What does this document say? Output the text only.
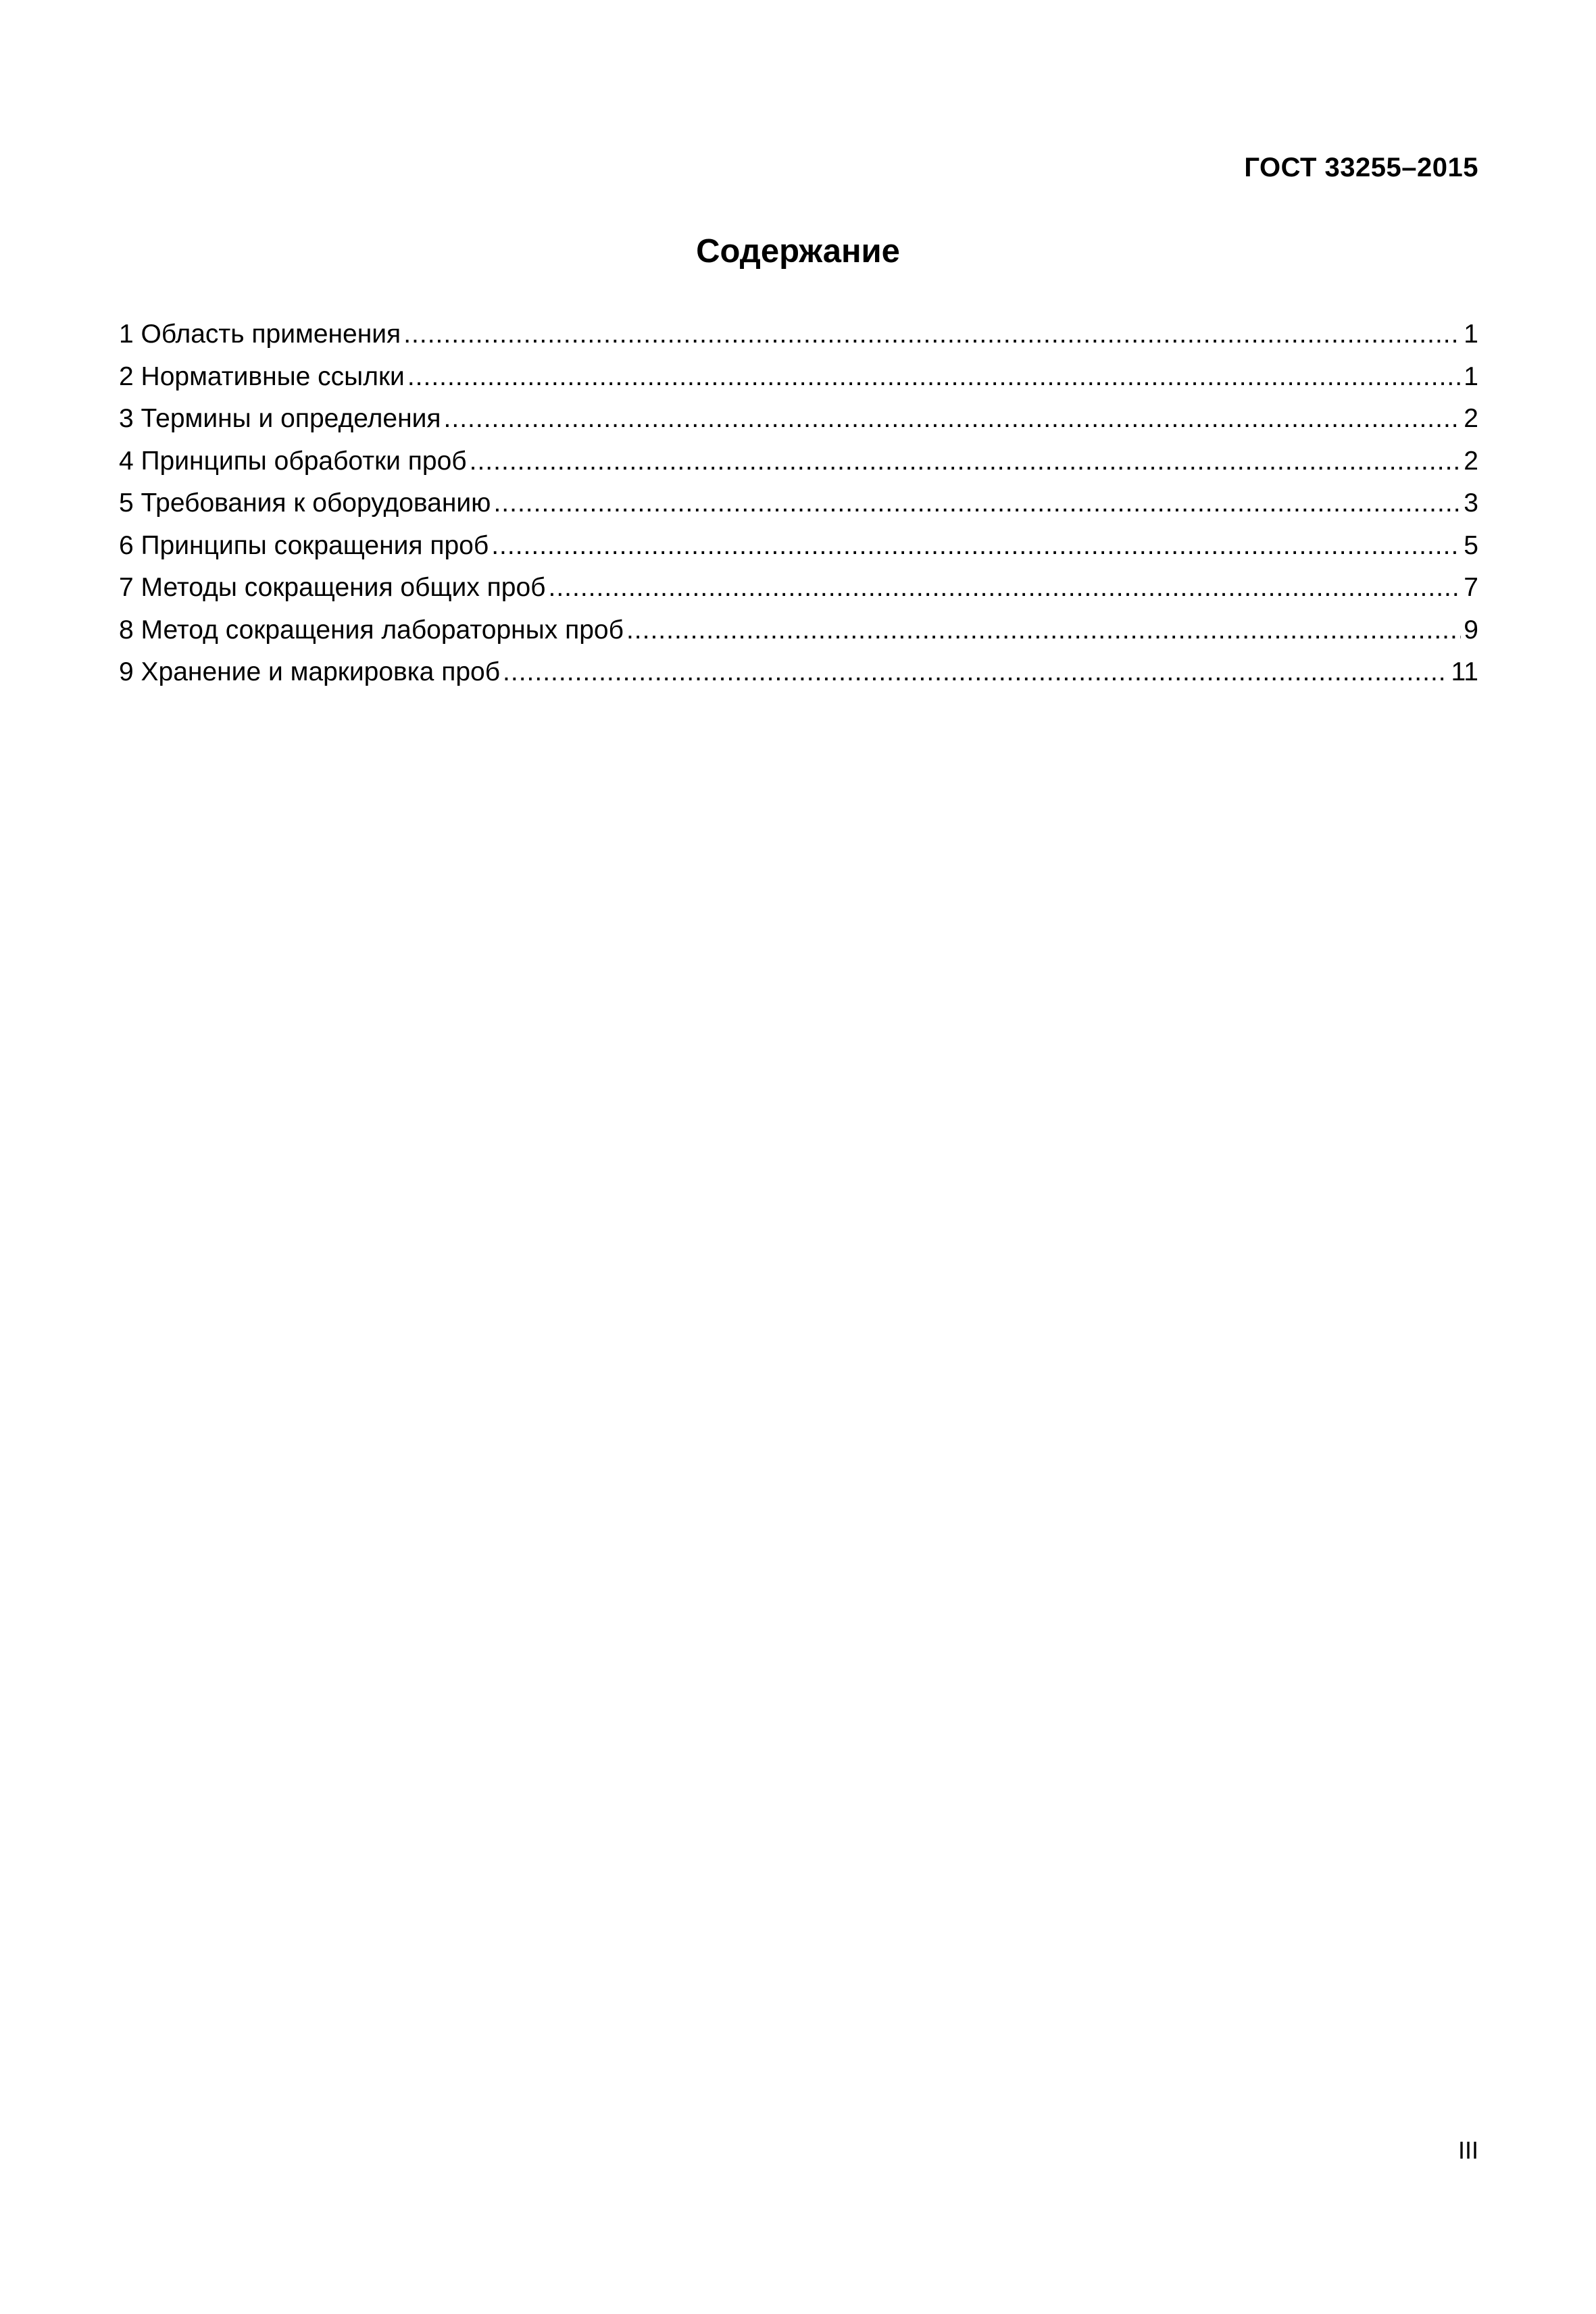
ГОСТ 33255–2015
Содержание
1 Область применения .....	1
2 Нормативные ссылки .....	1
3 Термины и определения .....	2
4 Принципы обработки проб .....	2
5 Требования к оборудованию .....	3
6 Принципы сокращения проб .....	5
7 Методы сокращения общих проб .....	7
8 Метод сокращения лабораторных проб .....	9
9 Хранение и маркировка проб .....	11
III
